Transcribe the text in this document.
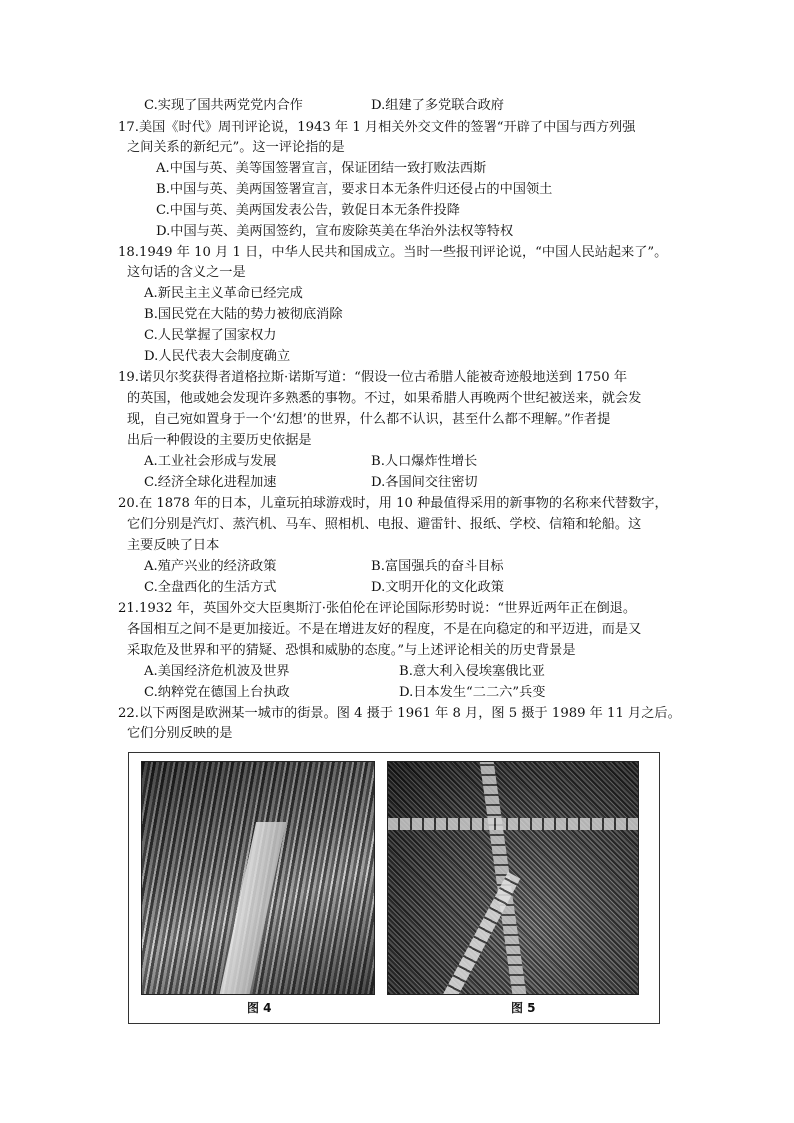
C.实现了国共两党党内合作	D.组建了多党联合政府
17.美国《时代》周刊评论说，1943 年 1 月相关外交文件的签署“开辟了中国与西方列强
之间关系的新纪元”。这一评论指的是
A.中国与英、美等国签署宣言，保证团结一致打败法西斯
B.中国与英、美两国签署宣言，要求日本无条件归还侵占的中国领土
C.中国与英、美两国发表公告，敦促日本无条件投降
D.中国与英、美两国签约，宣布废除英美在华治外法权等特权
18.1949 年 10 月 1 日，中华人民共和国成立。当时一些报刊评论说，“中国人民站起来了”。
这句话的含义之一是
A.新民主主义革命已经完成
B.国民党在大陆的势力被彻底消除
C.人民掌握了国家权力
D.人民代表大会制度确立
19.诺贝尔奖获得者道格拉斯·诺斯写道：“假设一位古希腊人能被奇迹般地送到 1750 年
的英国，他或她会发现许多熟悉的事物。不过，如果希腊人再晚两个世纪被送来，就会发
现，自己宛如置身于一个‘幻想’的世界，什么都不认识，甚至什么都不理解。”作者提
出后一种假设的主要历史依据是
A.工业社会形成与发展	B.人口爆炸性增长
C.经济全球化进程加速	D.各国间交往密切
20.在 1878 年的日本，儿童玩拍球游戏时，用 10 种最值得采用的新事物的名称来代替数字，
它们分别是汽灯、蒸汽机、马车、照相机、电报、避雷针、报纸、学校、信箱和轮船。这
主要反映了日本
A.殖产兴业的经济政策	B.富国强兵的奋斗目标
C.全盘西化的生活方式	D.文明开化的文化政策
21.1932 年，英国外交大臣奥斯汀·张伯伦在评论国际形势时说：“世界近两年正在倒退。
各国相互之间不是更加接近。不是在增进友好的程度，不是在向稳定的和平迈进，而是又
采取危及世界和平的猜疑、恐惧和威胁的态度。”与上述评论相关的历史背景是
A.美国经济危机波及世界	B.意大利入侵埃塞俄比亚
C.纳粹党在德国上台执政	D.日本发生“二二六”兵变
22.以下两图是欧洲某一城市的街景。图 4 摄于 1961 年 8 月，图 5 摄于 1989 年 11 月之后。
它们分别反映的是
图 4	图 5
